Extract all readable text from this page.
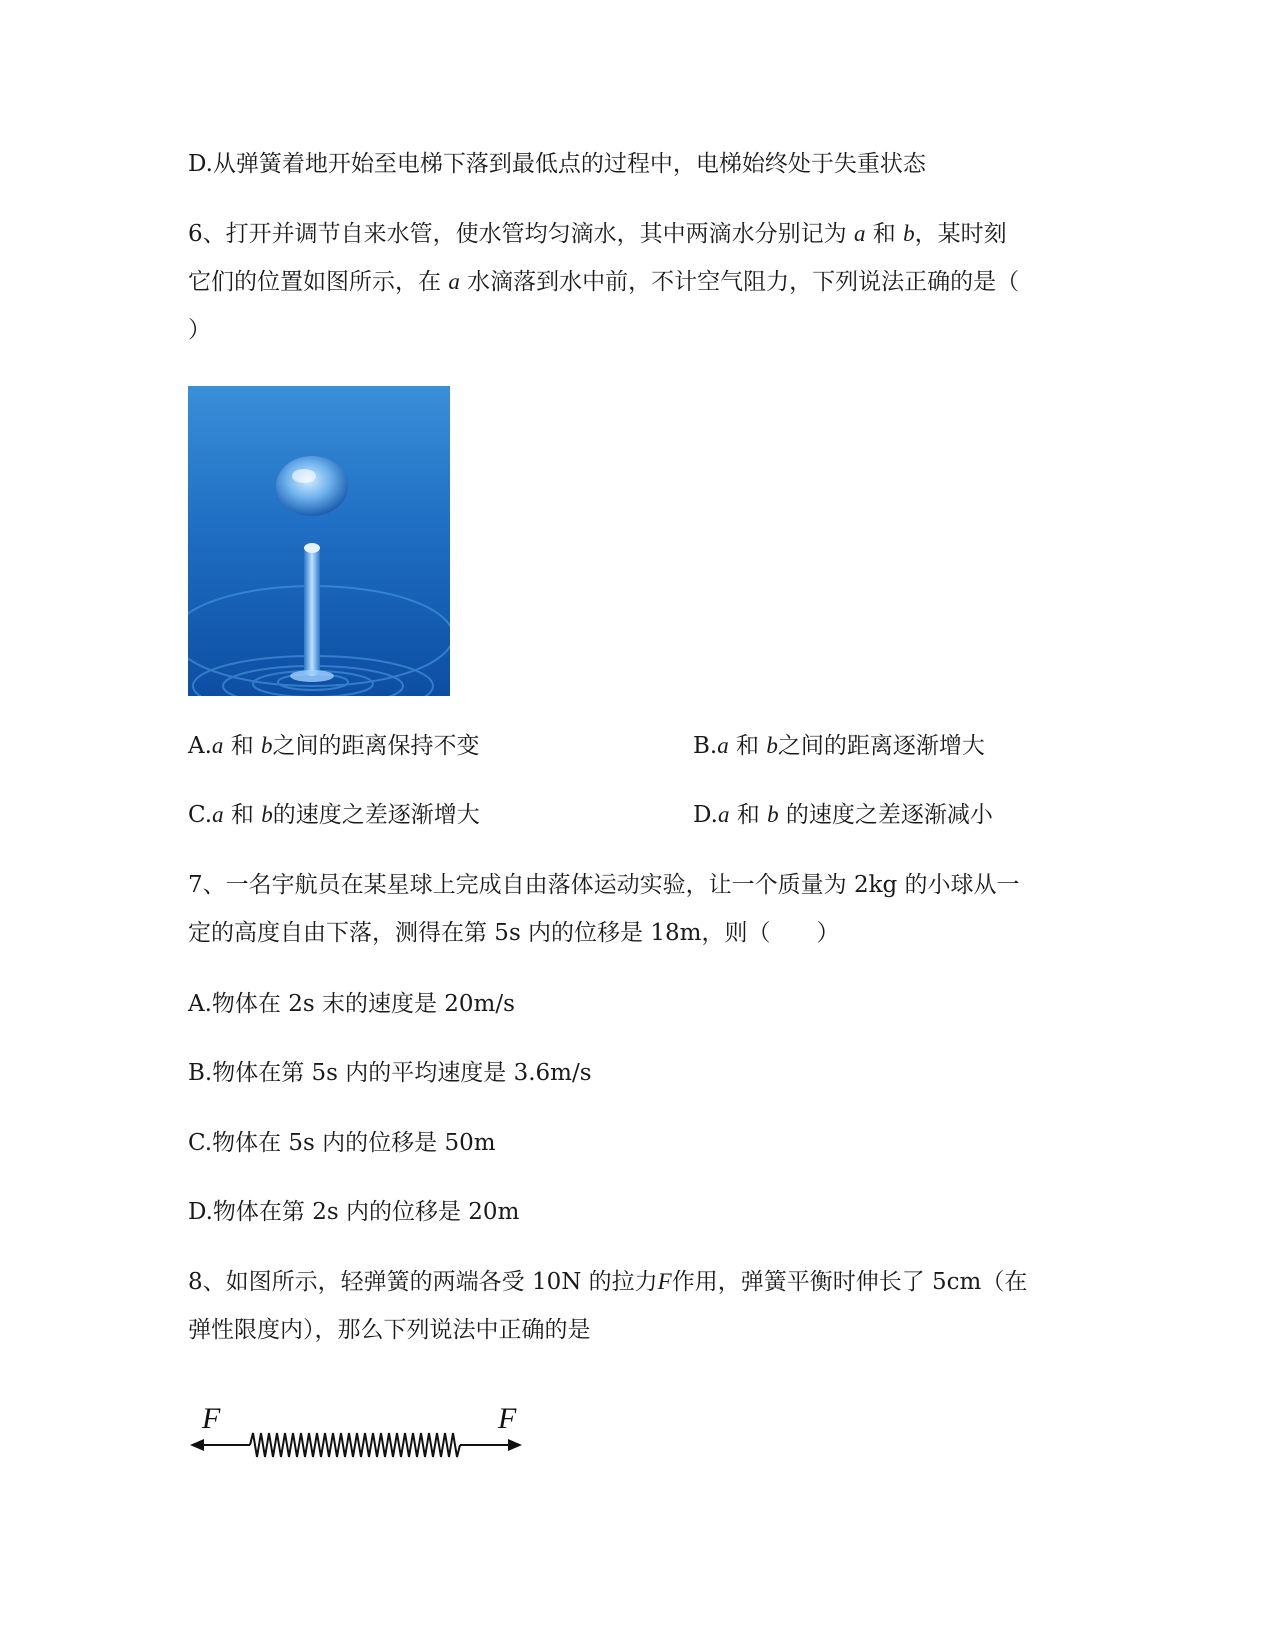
D.从弹簧着地开始至电梯下落到最低点的过程中，电梯始终处于失重状态
6、打开并调节自来水管，使水管均匀滴水，其中两滴水分别记为 a 和 b，某时刻
它们的位置如图所示，在 a 水滴落到水中前，不计空气阻力，下列说法正确的是（
）
A.a 和 b之间的距离保持不变	B.a 和 b之间的距离逐渐增大
C.a 和 b的速度之差逐渐增大	D.a 和 b 的速度之差逐渐减小
7、一名宇航员在某星球上完成自由落体运动实验，让一个质量为 2kg 的小球从一
定的高度自由下落，测得在第 5s 内的位移是 18m，则（　　）
A.物体在 2s 末的速度是 20m/s
B.物体在第 5s 内的平均速度是 3.6m/s
C.物体在 5s 内的位移是 50m
D.物体在第 2s 内的位移是 20m
8、如图所示，轻弹簧的两端各受 10N 的拉力F作用，弹簧平衡时伸长了 5cm（在
弹性限度内），那么下列说法中正确的是
F	F
